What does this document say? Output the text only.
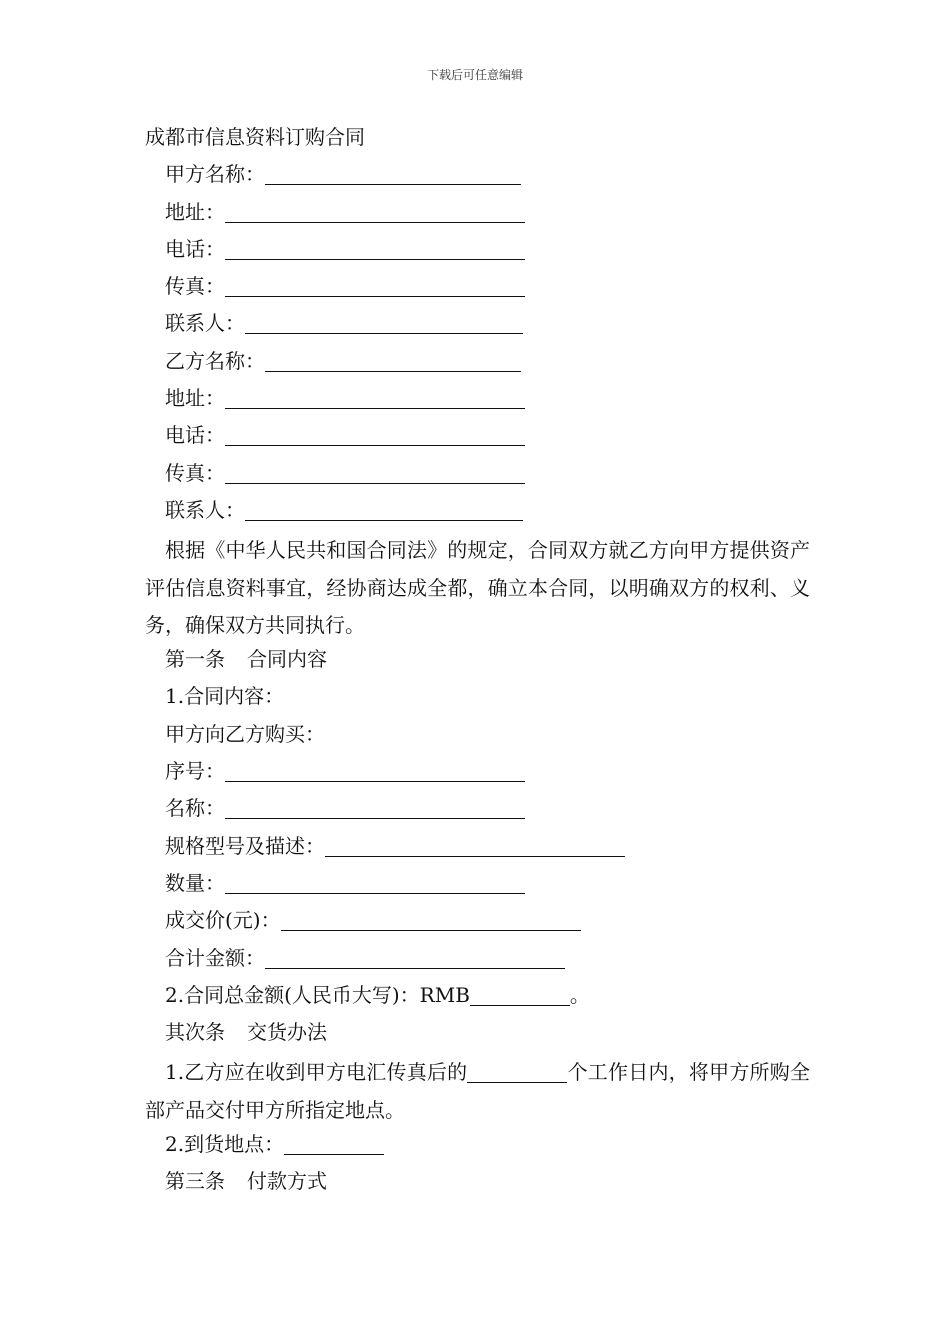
下载后可任意编辑
成都市信息资料订购合同
甲方名称：
地址：
电话：
传真：
联系人：
乙方名称：
地址：
电话：
传真：
联系人：

根据《中华人民共和国合同法》的规定，合同双方就乙方向甲方提供资产评估信息资料事宜，经协商达成全都，确立本合同，以明确双方的权利、义务，确保双方共同执行。

第一条 合同内容
1.合同内容：
甲方向乙方购买：
序号：
名称：
规格型号及描述：
数量：
成交价(元)：
合计金额：
2.合同总金额(人民币大写)：RMB	。
其次条 交货办法

1.乙方应在收到甲方电汇传真后的	个工作日内，将甲方所购全部产品交付甲方所指定地点。

2.到货地点：
第三条 付款方式
